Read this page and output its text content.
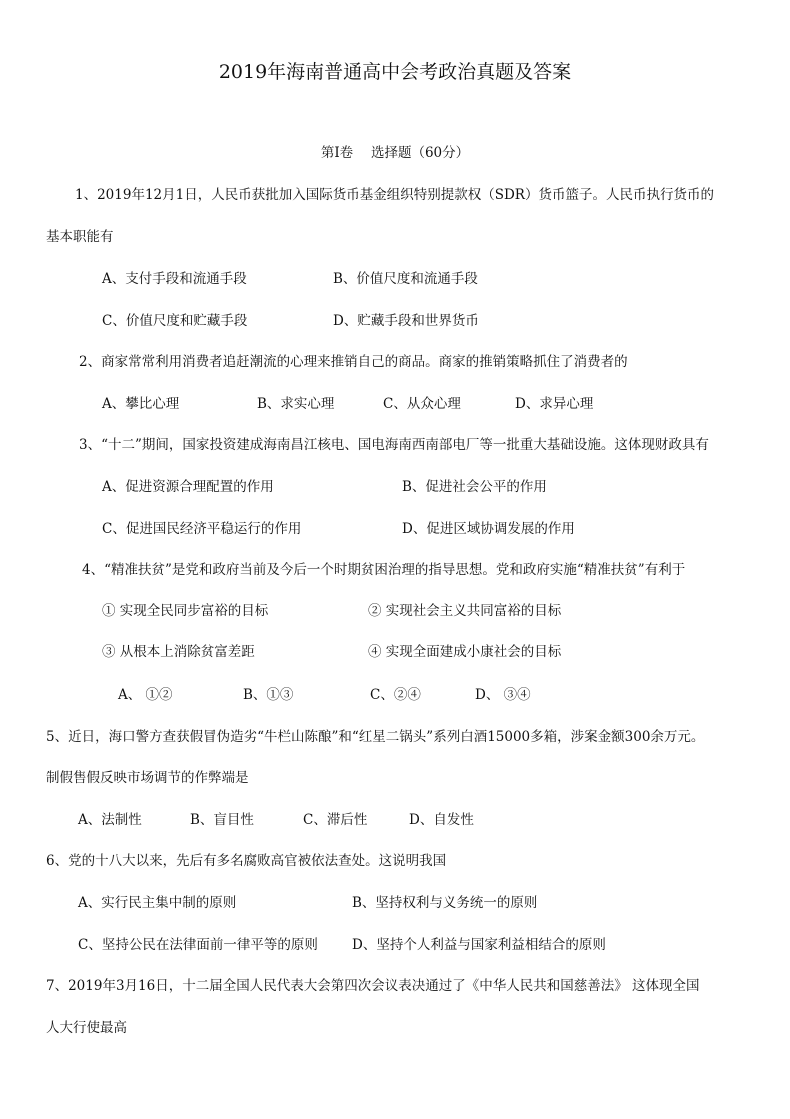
2019年海南普通高中会考政治真题及答案
第Ⅰ卷　 选择题（60分）
1、2019年12月1日，人民币获批加入国际货币基金组织特别提款权（SDR）货币篮子。人民币执行货币的
基本职能有
A、支付手段和流通手段	B、价值尺度和流通手段
C、价值尺度和贮藏手段	D、贮藏手段和世界货币
2、商家常常利用消费者追赶潮流的心理来推销自己的商品。商家的推销策略抓住了消费者的
A、攀比心理	B、求实心理	C、从众心理	D、求异心理
3、“十二”期间，国家投资建成海南昌江核电、国电海南西南部电厂等一批重大基础设施。这体现财政具有
A、促进资源合理配置的作用	B、促进社会公平的作用
C、促进国民经济平稳运行的作用	D、促进区域协调发展的作用
4、“精准扶贫”是党和政府当前及今后一个时期贫困治理的指导思想。党和政府实施“精准扶贫”有利于
① 实现全民同步富裕的目标	② 实现社会主义共同富裕的目标
③ 从根本上消除贫富差距	④ 实现全面建成小康社会的目标
A、 ①②	B、①③	C、②④	D、 ③④
5、近日，海口警方查获假冒伪造劣“牛栏山陈酿”和“红星二锅头”系列白酒15000多箱，涉案金额300余万元。
制假售假反映市场调节的作弊端是
A、法制性	B、盲目性	C、滞后性	D、自发性
6、党的十八大以来，先后有多名腐败高官被依法查处。这说明我国
A、实行民主集中制的原则	B、坚持权利与义务统一的原则
C、坚持公民在法律面前一律平等的原则	D、坚持个人利益与国家利益相结合的原则
7、2019年3月16日，十二届全国人民代表大会第四次会议表决通过了《中华人民共和国慈善法》 这体现全国
人大行使最高
